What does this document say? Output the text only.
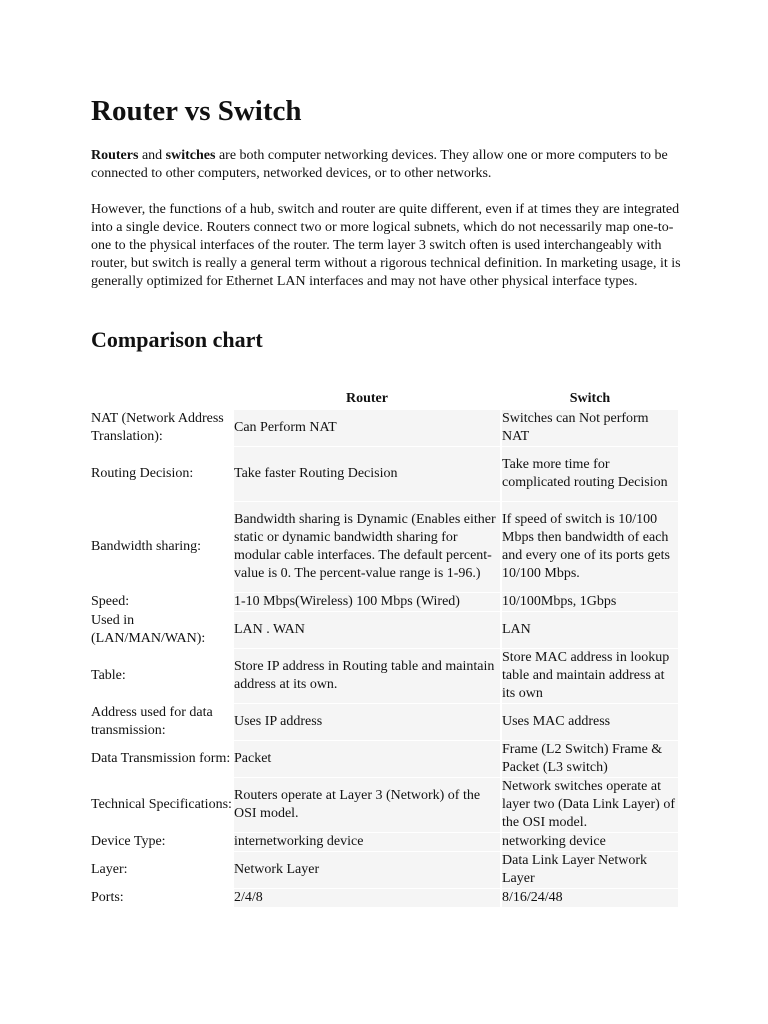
Router vs Switch

Routers and switches are both computer networking devices. They allow one or more computers to be connected to other computers, networked devices, or to other networks.

However, the functions of a hub, switch and router are quite different, even if at times they are integrated into a single device. Routers connect two or more logical subnets, which do not necessarily map one-to-one to the physical interfaces of the router. The term layer 3 switch often is used interchangeably with router, but switch is really a general term without a rigorous technical definition. In marketing usage, it is generally optimized for Ethernet LAN interfaces and may not have other physical interface types.

Comparison chart
	Router	Switch
NAT (Network Address Translation):	Can Perform NAT	Switches can Not perform NAT
Routing Decision:	Take faster Routing Decision	Take more time for complicated routing Decision
Bandwidth sharing:	Bandwidth sharing is Dynamic (Enables either static or dynamic bandwidth sharing for modular cable interfaces. The default percent-value is 0. The percent-value range is 1-96.)	If speed of switch is 10/100 Mbps then bandwidth of each and every one of its ports gets 10/100 Mbps.
Speed:	1-10 Mbps(Wireless) 100 Mbps (Wired)	10/100Mbps, 1Gbps
Used in (LAN/MAN/WAN):	LAN . WAN	LAN
Table:	Store IP address in Routing table and maintain address at its own.	Store MAC address in lookup table and maintain address at its own
Address used for data transmission:	Uses IP address	Uses MAC address
Data Transmission form:	Packet	Frame (L2 Switch) Frame & Packet (L3 switch)
Technical Specifications:	Routers operate at Layer 3 (Network) of the OSI model.	Network switches operate at layer two (Data Link Layer) of the OSI model.
Device Type:	internetworking device	networking device
Layer:	Network Layer	Data Link Layer Network Layer
Ports:	2/4/8	8/16/24/48
